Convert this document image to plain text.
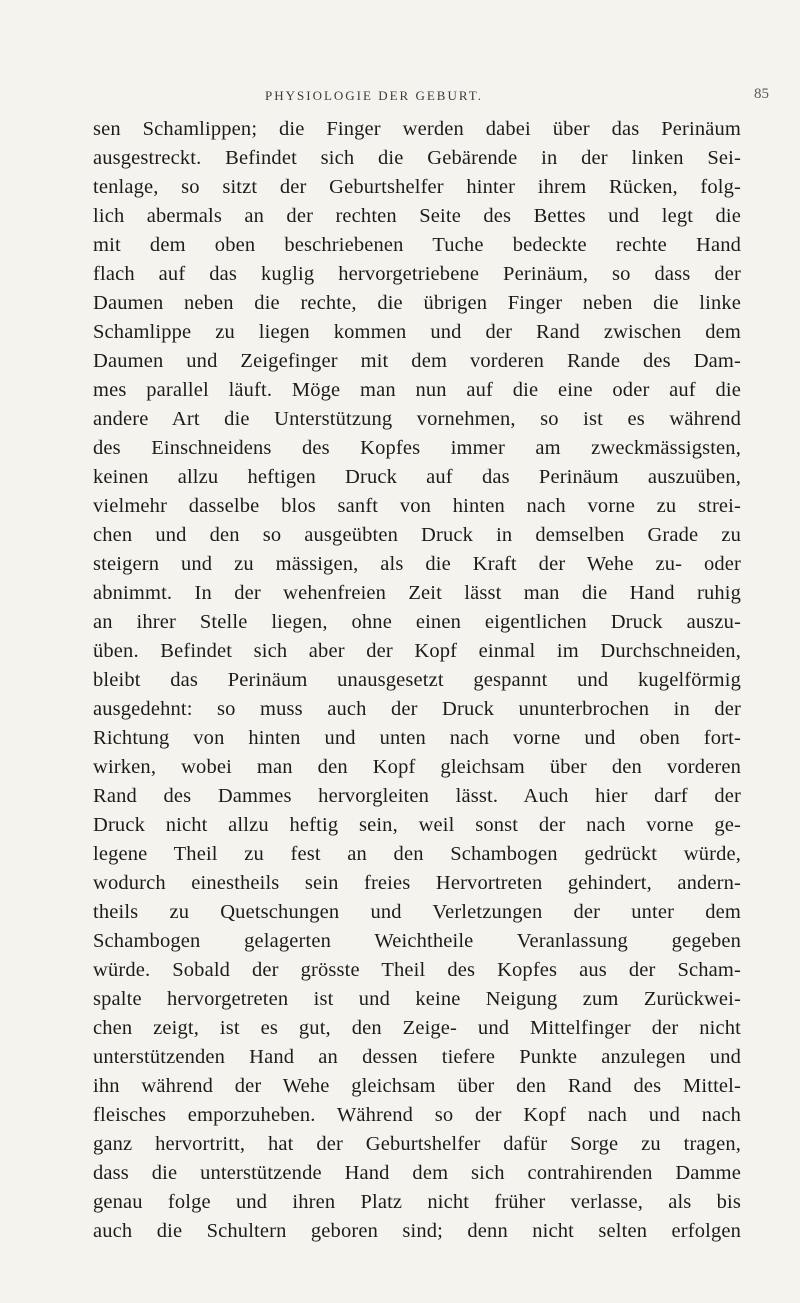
PHYSIOLOGIE DER GEBURT.	85
sen Schamlippen; die Finger werden dabei über das Perinäum
ausgestreckt. Befindet sich die Gebärende in der linken Sei-
tenlage, so sitzt der Geburtshelfer hinter ihrem Rücken, folg-
lich abermals an der rechten Seite des Bettes und legt die
mit dem oben beschriebenen Tuche bedeckte rechte Hand
flach auf das kuglig hervorgetriebene Perinäum, so dass der
Daumen neben die rechte, die übrigen Finger neben die linke
Schamlippe zu liegen kommen und der Rand zwischen dem
Daumen und Zeigefinger mit dem vorderen Rande des Dam-
mes parallel läuft. Möge man nun auf die eine oder auf die
andere Art die Unterstützung vornehmen, so ist es während
des Einschneidens des Kopfes immer am zweckmässigsten,
keinen allzu heftigen Druck auf das Perinäum auszuüben,
vielmehr dasselbe blos sanft von hinten nach vorne zu strei-
chen und den so ausgeübten Druck in demselben Grade zu
steigern und zu mässigen, als die Kraft der Wehe zu- oder
abnimmt. In der wehenfreien Zeit lässt man die Hand ruhig
an ihrer Stelle liegen, ohne einen eigentlichen Druck auszu-
üben. Befindet sich aber der Kopf einmal im Durchschneiden,
bleibt das Perinäum unausgesetzt gespannt und kugelförmig
ausgedehnt: so muss auch der Druck ununterbrochen in der
Richtung von hinten und unten nach vorne und oben fort-
wirken, wobei man den Kopf gleichsam über den vorderen
Rand des Dammes hervorgleiten lässt. Auch hier darf der
Druck nicht allzu heftig sein, weil sonst der nach vorne ge-
legene Theil zu fest an den Schambogen gedrückt würde,
wodurch einestheils sein freies Hervortreten gehindert, andern-
theils zu Quetschungen und Verletzungen der unter dem
Schambogen gelagerten Weichtheile Veranlassung gegeben
würde. Sobald der grösste Theil des Kopfes aus der Scham-
spalte hervorgetreten ist und keine Neigung zum Zurückwei-
chen zeigt, ist es gut, den Zeige- und Mittelfinger der nicht
unterstützenden Hand an dessen tiefere Punkte anzulegen und
ihn während der Wehe gleichsam über den Rand des Mittel-
fleisches emporzuheben. Während so der Kopf nach und nach
ganz hervortritt, hat der Geburtshelfer dafür Sorge zu tragen,
dass die unterstützende Hand dem sich contrahirenden Damme
genau folge und ihren Platz nicht früher verlasse, als bis
auch die Schultern geboren sind; denn nicht selten erfolgen
